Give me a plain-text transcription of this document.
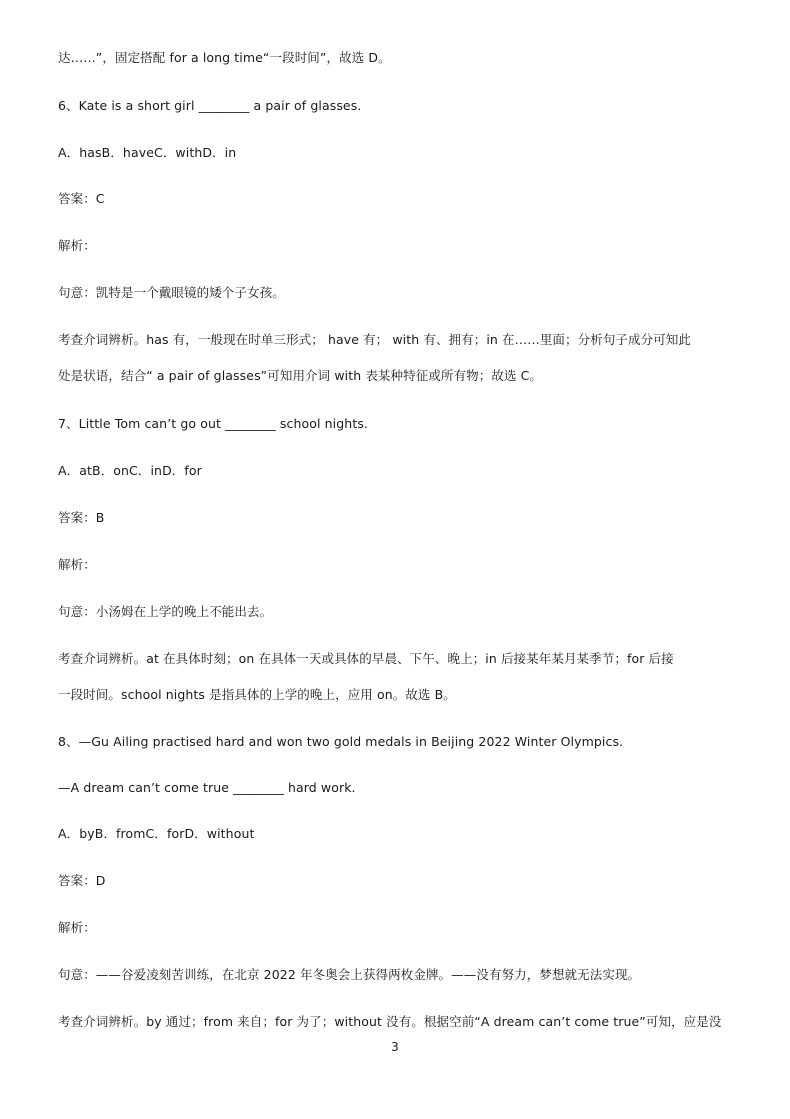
达……”，固定搭配 for a long time“一段时间”，故选 D。
6、Kate is a short girl ________ a pair of glasses.
A．hasB．haveC．withD．in
答案：C
解析：
句意：凯特是一个戴眼镜的矮个子女孩。
考查介词辨析。has 有，一般现在时单三形式； have 有； with 有、拥有；in 在……里面；分析句子成分可知此
处是状语，结合“ a pair of glasses”可知用介词 with 表某种特征或所有物；故选 C。
7、Little Tom can’t go out ________ school nights.
A．atB．onC．inD．for
答案：B
解析：
句意：小汤姆在上学的晚上不能出去。
考查介词辨析。at 在具体时刻；on 在具体一天或具体的早晨、下午、晚上；in 后接某年某月某季节；for 后接
一段时间。school nights 是指具体的上学的晚上，应用 on。故选 B。
8、—Gu Ailing practised hard and won two gold medals in Beijing 2022 Winter Olympics.
—A dream can’t come true ________ hard work.
A．byB．fromC．forD．without
答案：D
解析：
句意：——谷爱凌刻苦训练，在北京 2022 年冬奥会上获得两枚金牌。——没有努力，梦想就无法实现。
考查介词辨析。by 通过；from 来自；for 为了；without 没有。根据空前“A dream can’t come true”可知，应是没
3
